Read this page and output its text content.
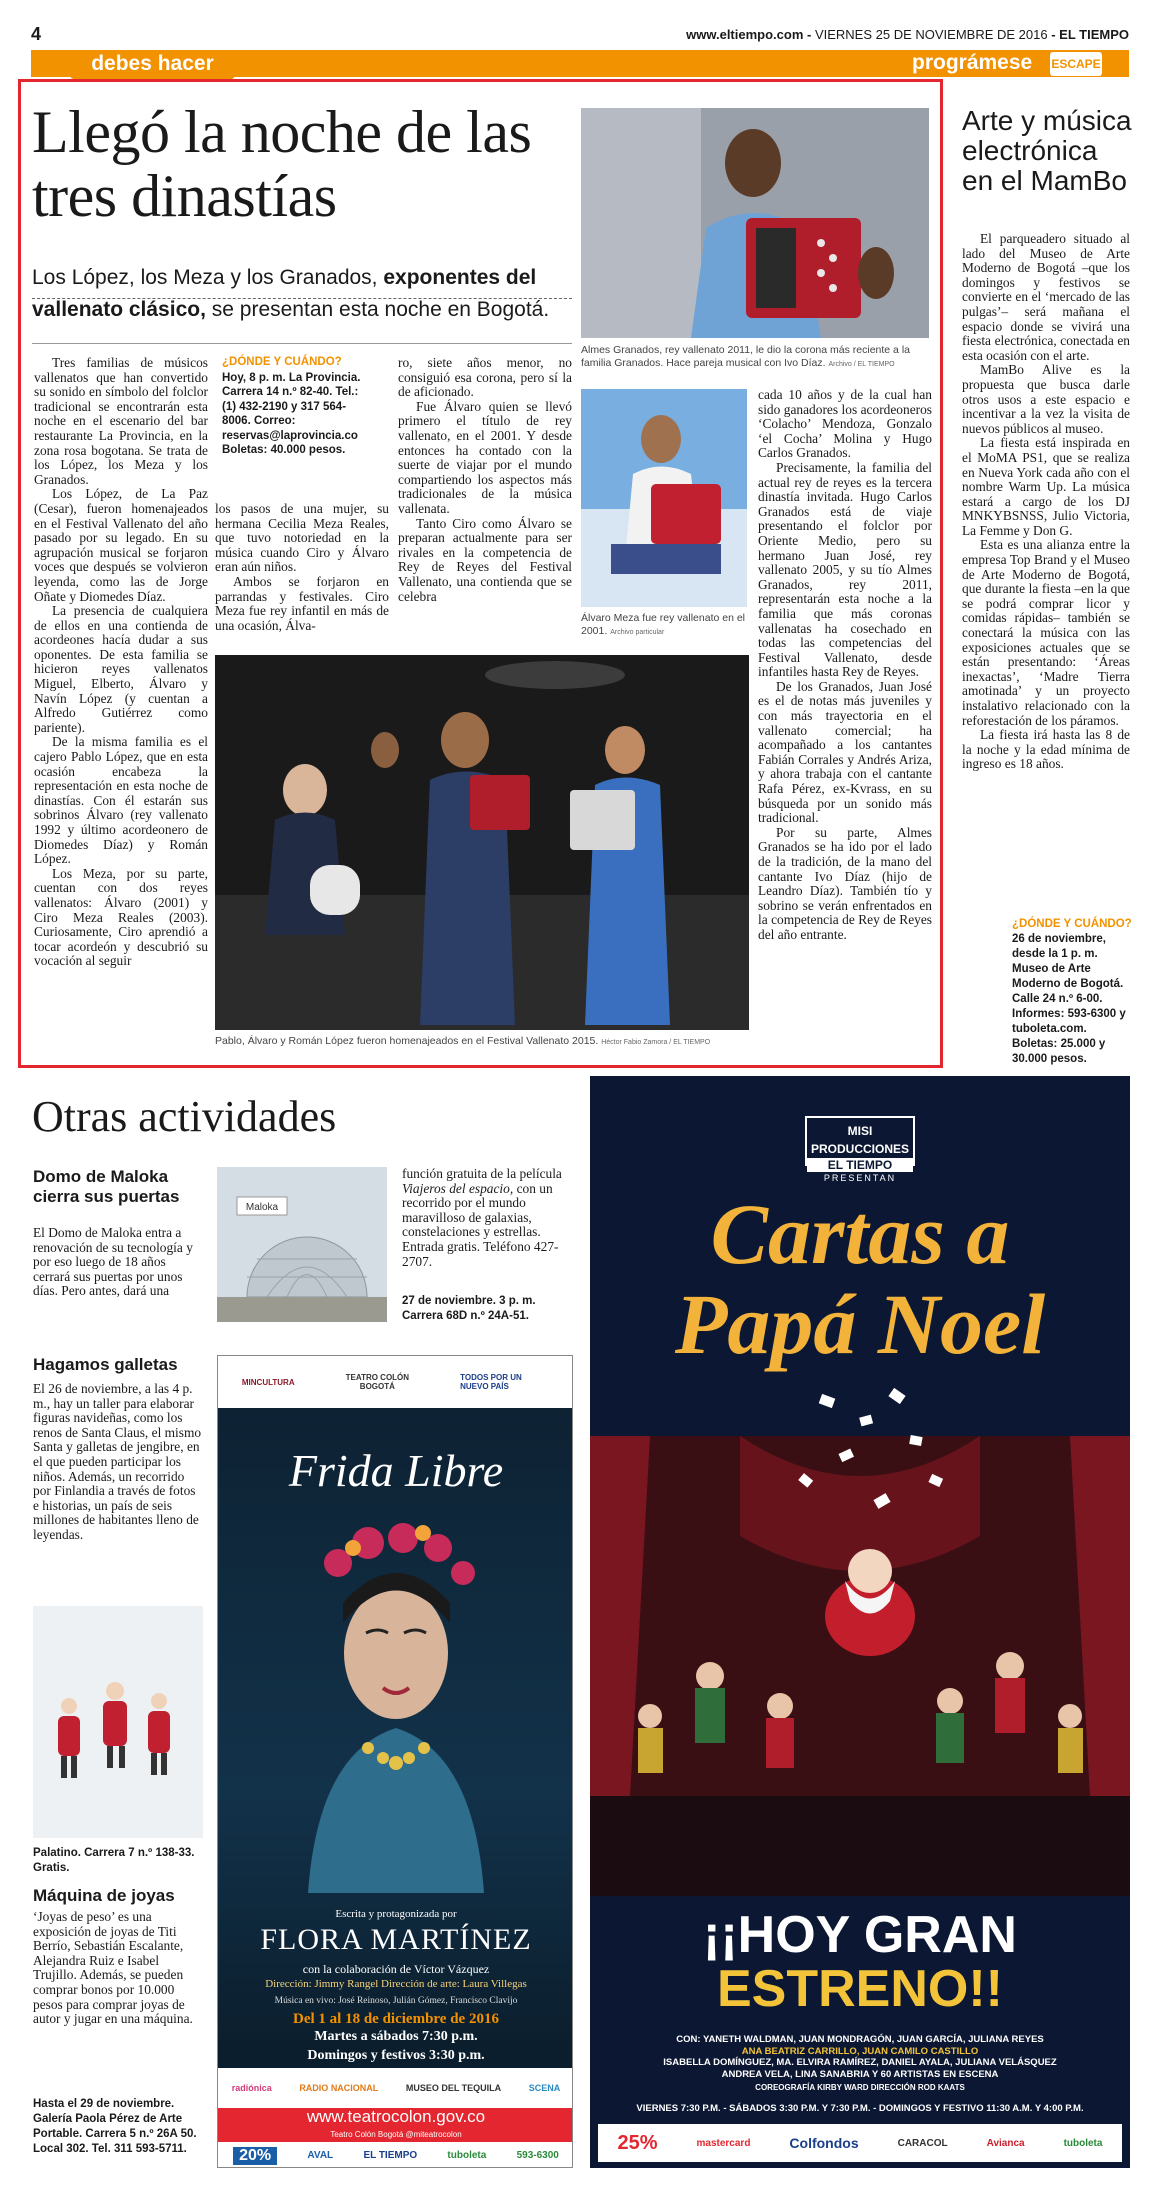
4	www.eltiempo.com - VIERNES 25 DE NOVIEMBRE DE 2016 - EL TIEMPO
debes hacer	prográmese ESCAPE
Llegó la noche de las tres dinastías
Los López, los Meza y los Granados, exponentes del vallenato clásico, se presentan esta noche en Bogotá.

Tres familias de músicos vallenatos que han convertido su sonido en símbolo del folclor tradicional se encontrarán esta noche en el escenario del bar restaurante La Provincia, en la zona rosa bogotana. Se trata de los López, los Meza y los Granados.

Los López, de La Paz (Cesar), fueron homenajeados en el Festival Vallenato del año pasado por su legado. En su agrupación musical se forjaron voces que después se volvieron leyenda, como las de Jorge Oñate y Diomedes Díaz.

La presencia de cualquiera de ellos en una contienda de acordeones hacía dudar a sus oponentes. De esta familia se hicieron reyes vallenatos Miguel, Elberto, Álvaro y Navín López (y cuentan a Alfredo Gutiérrez como pariente).

De la misma familia es el cajero Pablo López, que en esta ocasión encabeza la representación en esta noche de dinastías. Con él estarán sus sobrinos Álvaro (rey vallenato 1992 y último acordeonero de Diomedes Díaz) y Román López.

Los Meza, por su parte, cuentan con dos reyes vallenatos: Álvaro (2001) y Ciro Meza Reales (2003). Curiosamente, Ciro aprendió a tocar acordeón y descubrió su vocación al seguir

¿DÓNDE Y CUÁNDO?
Hoy, 8 p. m. La Provincia. Carrera 14 n.º 82-40. Tel.: (1) 432-2190 y 317 564-8006. Correo: reservas@laprovincia.co Boletas: 40.000 pesos.

los pasos de una mujer, su hermana Cecilia Meza Reales, que tuvo notoriedad en la música cuando Ciro y Álvaro eran aún niños.

Ambos se forjaron en parrandas y festivales. Ciro Meza fue rey infantil en más de una ocasión, Álva-

ro, siete años menor, no consiguió esa corona, pero sí la de aficionado.

Fue Álvaro quien se llevó primero el título de rey vallenato, en el 2001. Y desde entonces ha contado con la suerte de viajar por el mundo compartiendo los aspectos más tradicionales de la música vallenata.

Tanto Ciro como Álvaro se preparan actualmente para ser rivales en la competencia de Rey de Reyes del Festival Vallenato, una contienda que se celebra

Almes Granados, rey vallenato 2011, le dio la corona más reciente a la familia Granados. Hace pareja musical con Ivo Díaz. Archivo / EL TIEMPO
Álvaro Meza fue rey vallenato en el 2001. Archivo particular

cada 10 años y de la cual han sido ganadores los acordeoneros ‘Colacho’ Mendoza, Gonzalo ‘el Cocha’ Molina y Hugo Carlos Granados.

Precisamente, la familia del actual rey de reyes es la tercera dinastía invitada. Hugo Carlos Granados está de viaje presentando el folclor por Oriente Medio, pero su hermano Juan José, rey vallenato 2005, y su tío Almes Granados, rey 2011, representarán esta noche a la familia que más coronas vallenatas ha cosechado en todas las competencias del Festival Vallenato, desde infantiles hasta Rey de Reyes.

De los Granados, Juan José es el de notas más juveniles y con más trayectoria en el vallenato comercial; ha acompañado a los cantantes Fabián Corrales y Andrés Ariza, y ahora trabaja con el cantante Rafa Pérez, ex-Kvrass, en su búsqueda por un sonido más tradicional.

Por su parte, Almes Granados se ha ido por el lado de la tradición, de la mano del cantante Ivo Díaz (hijo de Leandro Díaz). También tío y sobrino se verán enfrentados en la competencia de Rey de Reyes del año entrante.

Pablo, Álvaro y Román López fueron homenajeados en el Festival Vallenato 2015. Héctor Fabio Zamora / EL TIEMPO
Arte y música electrónica en el MamBo

El parqueadero situado al lado del Museo de Arte Moderno de Bogotá –que los domingos y festivos se convierte en el ‘mercado de las pulgas’– será mañana el espacio donde se vivirá una fiesta electrónica, conectada en esta ocasión con el arte.

MamBo Alive es la propuesta que busca darle otros usos a este espacio e incentivar a la vez la visita de nuevos públicos al museo.

La fiesta está inspirada en el MoMA PS1, que se realiza en Nueva York cada año con el nombre Warm Up. La música estará a cargo de los DJ MNKYBSNSS, Julio Victoria, La Femme y Don G.

Esta es una alianza entre la empresa Top Brand y el Museo de Arte Moderno de Bogotá, que durante la fiesta –en la que se podrá comprar licor y comidas rápidas– también se conectará la música con las exposiciones actuales que se están presentando: ‘Áreas inexactas’, ‘Madre Tierra amotinada’ y un proyecto instalativo relacionado con la reforestación de los páramos.

La fiesta irá hasta las 8 de la noche y la edad mínima de ingreso es 18 años.

¿DÓNDE Y CUÁNDO?
26 de noviembre, desde la 1 p. m. Museo de Arte Moderno de Bogotá. Calle 24 n.º 6-00. Informes: 593-6300 y tuboleta.com. Boletas: 25.000 y 30.000 pesos.
Otras actividades
Domo de Maloka cierra sus puertas
El Domo de Maloka entra a renovación de su tecnología y por eso luego de 18 años cerrará sus puertas por unos días. Pero antes, dará una
Maloka
función gratuita de la película Viajeros del espacio, con un recorrido por el mundo maravilloso de galaxias, constelaciones y estrellas. Entrada gratis. Teléfono 427-2707.
27 de noviembre. 3 p. m. Carrera 68D n.º 24A-51.
Hagamos galletas
El 26 de noviembre, a las 4 p. m., hay un taller para elaborar figuras navideñas, como los renos de Santa Claus, el mismo Santa y galletas de jengibre, en el que pueden participar los niños. Además, un recorrido por Finlandia a través de fotos e historias, un país de seis millones de habitantes lleno de leyendas.
Palatino. Carrera 7 n.º 138-33. Gratis.
Máquina de joyas
‘Joyas de peso’ es una exposición de joyas de Titi Berrío, Sebastián Escalante, Alejandra Ruiz e Isabel Trujillo. Además, se pueden comprar bonos por 10.000 pesos para comprar joyas de autor y jugar en una máquina.
Hasta el 29 de noviembre. Galería Paola Pérez de Arte Portable. Carrera 5 n.º 26A 50. Local 302. Tel. 311 593-5711.
MINCULTURA	TEATRO COLÓN BOGOTÁ
TODOS POR UN NUEVO PAÍS
Frida Libre
Escrita y protagonizada por
FLORA MARTÍNEZ
con la colaboración de Víctor Vázquez
Dirección: Jimmy Rangel Dirección de arte: Laura Villegas
Música en vivo: José Reinoso, Julián Gómez, Francisco Clavijo
Del 1 al 18 de diciembre de 2016
Martes a sábados 7:30 p.m.
Domingos y festivos 3:30 p.m.
radiónica	RADIO NACIONAL	MUSEO DEL TEQUILA	SCENA
www.teatrocolon.gov.co
Teatro Colón Bogotá @miteatrocolon
20%	AVAL	EL TIEMPO	tuboleta	593-6300
MISI PRODUCCIONES
EL TIEMPO
PRESENTAN
Cartas a
Papá Noel
¡¡HOY GRAN
ESTRENO!!
CON: YANETH WALDMAN, JUAN MONDRAGÓN, JUAN GARCÍA, JULIANA REYES
ANA BEATRIZ CARRILLO, JUAN CAMILO CASTILLO
ISABELLA DOMÍNGUEZ, MA. ELVIRA RAMÍREZ, DANIEL AYALA, JULIANA VELÁSQUEZ
ANDREA VELA, LINA SANABRIA Y 60 ARTISTAS EN ESCENA
COREOGRAFÍA KIRBY WARD DIRECCIÓN ROD KAATS
VIERNES 7:30 P.M. - SÁBADOS 3:30 P.M. Y 7:30 P.M. - DOMINGOS Y FESTIVO 11:30 A.M. Y 4:00 P.M.
25%	mastercard	Colfondos	CARACOL	Avianca	tuboleta
